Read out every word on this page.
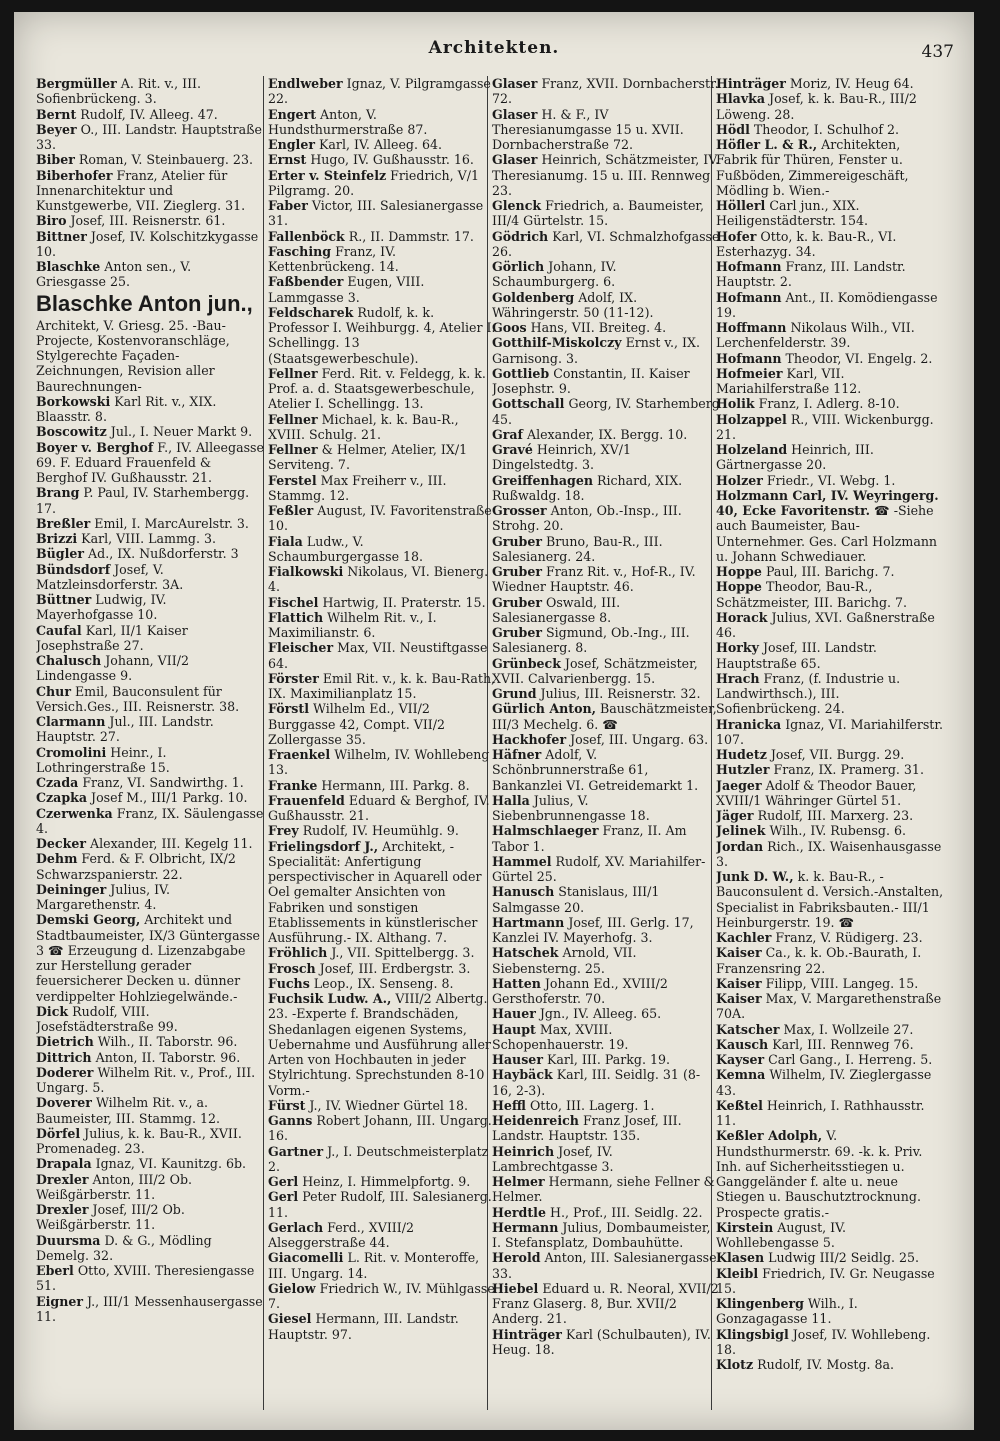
Architekten.	437

Bergmüller A. Rit. v., III. Sofienbrückeng. 3.

Bernt Rudolf, IV. Alleeg. 47.

Beyer O., III. Landstr. Hauptstraße 33.

Biber Roman, V. Steinbauerg. 23.

Biberhofer Franz, Atelier für Innenarchitektur und Kunstgewerbe, VII. Zieglerg. 31.

Biro Josef, III. Reisnerstr. 61.

Bittner Josef, IV. Kolschitzkygasse 10.

Blaschke Anton sen., V. Griesgasse 25.

Blaschke Anton jun.,

Architekt, V. Griesg. 25. -Bau-Projecte, Kostenvoranschläge, Stylgerechte Façaden-Zeichnungen, Revision aller Baurechnungen-

Borkowski Karl Rit. v., XIX. Blaasstr. 8.

Boscowitz Jul., I. Neuer Markt 9.

Boyer v. Berghof F., IV. Alleegasse 69. F. Eduard Frauenfeld & Berghof IV. Gußhausstr. 21.

Brang P. Paul, IV. Starhembergg. 17.

Breßler Emil, I. MarcAurelstr. 3.

Brizzi Karl, VIII. Lammg. 3.

Bügler Ad., IX. Nußdorferstr. 3

Bündsdorf Josef, V. Matzleinsdorferstr. 3A.

Büttner Ludwig, IV. Mayerhofgasse 10.

Caufal Karl, II/1 Kaiser Josephstraße 27.

Chalusch Johann, VII/2 Lindengasse 9.

Chur Emil, Bauconsulent für Versich.Ges., III. Reisnerstr. 38.

Clarmann Jul., III. Landstr. Hauptstr. 27.

Cromolini Heinr., I. Lothringerstraße 15.

Czada Franz, VI. Sandwirthg. 1.

Czapka Josef M., III/1 Parkg. 10.

Czerwenka Franz, IX. Säulengasse 4.

Decker Alexander, III. Kegelg 11.

Dehm Ferd. & F. Olbricht, IX/2 Schwarzspanierstr. 22.

Deininger Julius, IV. Margarethenstr. 4.

Demski Georg, Architekt und Stadtbaumeister, IX/3 Güntergasse 3 ☎ Erzeugung d. Lizenzabgabe zur Herstellung gerader feuersicherer Decken u. dünner verdippelter Hohlziegelwände.-

Dick Rudolf, VIII. Josefstädterstraße 99.

Dietrich Wilh., II. Taborstr. 96.

Dittrich Anton, II. Taborstr. 96.

Doderer Wilhelm Rit. v., Prof., III. Ungarg. 5.

Doverer Wilhelm Rit. v., a. Baumeister, III. Stammg. 12.

Dörfel Julius, k. k. Bau-R., XVII. Promenadeg. 23.

Drapala Ignaz, VI. Kaunitzg. 6b.

Drexler Anton, III/2 Ob. Weißgärberstr. 11.

Drexler Josef, III/2 Ob. Weißgärberstr. 11.

Duursma D. & G., Mödling Demelg. 32.

Eberl Otto, XVIII. Theresiengasse 51.

Eigner J., III/1 Messenhausergasse 11.

Endlweber Ignaz, V. Pilgramgasse 22.

Engert Anton, V. Hundsthurmerstraße 87.

Engler Karl, IV. Alleeg. 64.

Ernst Hugo, IV. Gußhausstr. 16.

Erter v. Steinfelz Friedrich, V/1 Pilgramg. 20.

Faber Victor, III. Salesianergasse 31.

Fallenböck R., II. Dammstr. 17.

Fasching Franz, IV. Kettenbrückeng. 14.

Faßbender Eugen, VIII. Lammgasse 3.

Feldscharek Rudolf, k. k. Professor I. Weihburgg. 4, Atelier I. Schellingg. 13 (Staatsgewerbeschule).

Fellner Ferd. Rit. v. Feldegg, k. k. Prof. a. d. Staatsgewerbeschule, Atelier I. Schellingg. 13.

Fellner Michael, k. k. Bau-R., XVIII. Schulg. 21.

Fellner & Helmer, Atelier, IX/1 Serviteng. 7.

Ferstel Max Freiherr v., III. Stammg. 12.

Feßler August, IV. Favoritenstraße 10.

Fiala Ludw., V. Schaumburgergasse 18.

Fialkowski Nikolaus, VI. Bienerg. 4.

Fischel Hartwig, II. Praterstr. 15.

Flattich Wilhelm Rit. v., I. Maximilianstr. 6.

Fleischer Max, VII. Neustiftgasse 64.

Förster Emil Rit. v., k. k. Bau-Rath, IX. Maximilianplatz 15.

Förstl Wilhelm Ed., VII/2 Burggasse 42, Compt. VII/2 Zollergasse 35.

Fraenkel Wilhelm, IV. Wohllebeng 13.

Franke Hermann, III. Parkg. 8.

Frauenfeld Eduard & Berghof, IV. Gußhausstr. 21.

Frey Rudolf, IV. Heumühlg. 9.

Frielingsdorf J., Architekt, -Specialität: Anfertigung perspectivischer in Aquarell oder Oel gemalter Ansichten von Fabriken und sonstigen Etablissements in künstlerischer Ausführung.- IX. Althang. 7.

Fröhlich J., VII. Spittelbergg. 3.

Frosch Josef, III. Erdbergstr. 3.

Fuchs Leop., IX. Senseng. 8.

Fuchsik Ludw. A., VIII/2 Albertg. 23. -Experte f. Brandschäden, Shedanlagen eigenen Systems, Uebernahme und Ausführung aller Arten von Hochbauten in jeder Stylrichtung. Sprechstunden 8-10 Vorm.-

Fürst J., IV. Wiedner Gürtel 18.

Ganns Robert Johann, III. Ungarg. 16.

Gartner J., I. Deutschmeisterplatz 2.

Gerl Heinz, I. Himmelpfortg. 9.

Gerl Peter Rudolf, III. Salesianerg. 11.

Gerlach Ferd., XVIII/2 Alseggerstraße 44.

Giacomelli L. Rit. v. Monteroffe, III. Ungarg. 14.

Gielow Friedrich W., IV. Mühlgasse 7.

Giesel Hermann, III. Landstr. Hauptstr. 97.

Glaser Franz, XVII. Dornbacherstr. 72.

Glaser H. & F., IV Theresianumgasse 15 u. XVII. Dornbacherstraße 72.

Glaser Heinrich, Schätzmeister, IV. Theresianumg. 15 u. III. Rennweg 23.

Glenck Friedrich, a. Baumeister, III/4 Gürtelstr. 15.

Gödrich Karl, VI. Schmalzhofgasse 26.

Görlich Johann, IV. Schaumburgerg. 6.

Goldenberg Adolf, IX. Währingerstr. 50 (11-12).

Goos Hans, VII. Breiteg. 4.

Gotthilf-Miskolczy Ernst v., IX. Garnisong. 3.

Gottlieb Constantin, II. Kaiser Josephstr. 9.

Gottschall Georg, IV. Starhemberg 45.

Graf Alexander, IX. Bergg. 10.

Gravé Heinrich, XV/1 Dingelstedtg. 3.

Greiffenhagen Richard, XIX. Rußwaldg. 18.

Grosser Anton, Ob.-Insp., III. Strohg. 20.

Gruber Bruno, Bau-R., III. Salesianerg. 24.

Gruber Franz Rit. v., Hof-R., IV. Wiedner Hauptstr. 46.

Gruber Oswald, III. Salesianergasse 8.

Gruber Sigmund, Ob.-Ing., III. Salesianerg. 8.

Grünbeck Josef, Schätzmeister, XVII. Calvarienbergg. 15.

Grund Julius, III. Reisnerstr. 32.

Gürlich Anton, Bauschätzmeister, III/3 Mechelg. 6. ☎

Hackhofer Josef, III. Ungarg. 63.

Häfner Adolf, V. Schönbrunnerstraße 61, Bankanzlei VI. Getreidemarkt 1.

Halla Julius, V. Siebenbrunnengasse 18.

Halmschlaeger Franz, II. Am Tabor 1.

Hammel Rudolf, XV. Mariahilfer-Gürtel 25.

Hanusch Stanislaus, III/1 Salmgasse 20.

Hartmann Josef, III. Gerlg. 17, Kanzlei IV. Mayerhofg. 3.

Hatschek Arnold, VII. Siebensterng. 25.

Hatten Johann Ed., XVIII/2 Gersthoferstr. 70.

Hauer Jgn., IV. Alleeg. 65.

Haupt Max, XVIII. Schopenhauerstr. 19.

Hauser Karl, III. Parkg. 19.

Haybäck Karl, III. Seidlg. 31 (8-16, 2-3).

Heffl Otto, III. Lagerg. 1.

Heidenreich Franz Josef, III. Landstr. Hauptstr. 135.

Heinrich Josef, IV. Lambrechtgasse 3.

Helmer Hermann, siehe Fellner & Helmer.

Herdtle H., Prof., III. Seidlg. 22.

Hermann Julius, Dombaumeister, I. Stefansplatz, Dombauhütte.

Herold Anton, III. Salesianergasse 33.

Hiebel Eduard u. R. Neoral, XVII/2 Franz Glaserg. 8, Bur. XVII/2 Anderg. 21.

Hinträger Karl (Schulbauten), IV. Heug. 18.

Hinträger Moriz, IV. Heug 64.

Hlavka Josef, k. k. Bau-R., III/2 Löweng. 28.

Hödl Theodor, I. Schulhof 2.

Höfler L. & R., Architekten, Fabrik für Thüren, Fenster u. Fußböden, Zimmereigeschäft, Mödling b. Wien.-

Höllerl Carl jun., XIX. Heiligenstädterstr. 154.

Hofer Otto, k. k. Bau-R., VI. Esterhazyg. 34.

Hofmann Franz, III. Landstr. Hauptstr. 2.

Hofmann Ant., II. Komödiengasse 19.

Hoffmann Nikolaus Wilh., VII. Lerchenfelderstr. 39.

Hofmann Theodor, VI. Engelg. 2.

Hofmeier Karl, VII. Mariahilferstraße 112.

Holik Franz, I. Adlerg. 8-10.

Holzappel R., VIII. Wickenburgg. 21.

Holzeland Heinrich, III. Gärtnergasse 20.

Holzer Friedr., VI. Webg. 1.

Holzmann Carl, IV. Weyringerg. 40, Ecke Favoritenstr. ☎ -Siehe auch Baumeister, Bau-Unternehmer. Ges. Carl Holzmann u. Johann Schwediauer.

Hoppe Paul, III. Barichg. 7.

Hoppe Theodor, Bau-R., Schätzmeister, III. Barichg. 7.

Horack Julius, XVI. Gaßnerstraße 46.

Horky Josef, III. Landstr. Hauptstraße 65.

Hrach Franz, (f. Industrie u. Landwirthsch.), III. Sofienbrückeng. 24.

Hranicka Ignaz, VI. Mariahilferstr. 107.

Hudetz Josef, VII. Burgg. 29.

Hutzler Franz, IX. Pramerg. 31.

Jaeger Adolf & Theodor Bauer, XVIII/1 Währinger Gürtel 51.

Jäger Rudolf, III. Marxerg. 23.

Jelinek Wilh., IV. Rubensg. 6.

Jordan Rich., IX. Waisenhausgasse 3.

Junk D. W., k. k. Bau-R., -Bauconsulent d. Versich.-Anstalten, Specialist in Fabriksbauten.- III/1 Heinburgerstr. 19. ☎

Kachler Franz, V. Rüdigerg. 23.

Kaiser Ca., k. k. Ob.-Baurath, I. Franzensring 22.

Kaiser Filipp, VIII. Langeg. 15.

Kaiser Max, V. Margarethenstraße 70A.

Katscher Max, I. Wollzeile 27.

Kausch Karl, III. Rennweg 76.

Kayser Carl Gang., I. Herreng. 5.

Kemna Wilhelm, IV. Zieglergasse 43.

Keßtel Heinrich, I. Rathhausstr. 11.

Keßler Adolph, V. Hundsthurmerstr. 69. -k. k. Priv. Inh. auf Sicherheitsstiegen u. Ganggeländer f. alte u. neue Stiegen u. Bauschutztrocknung. Prospecte gratis.-

Kirstein August, IV. Wohllebengasse 5.

Klasen Ludwig III/2 Seidlg. 25.

Kleibl Friedrich, IV. Gr. Neugasse 15.

Klingenberg Wilh., I. Gonzagagasse 11.

Klingsbigl Josef, IV. Wohllebeng. 18.

Klotz Rudolf, IV. Mostg. 8a.
